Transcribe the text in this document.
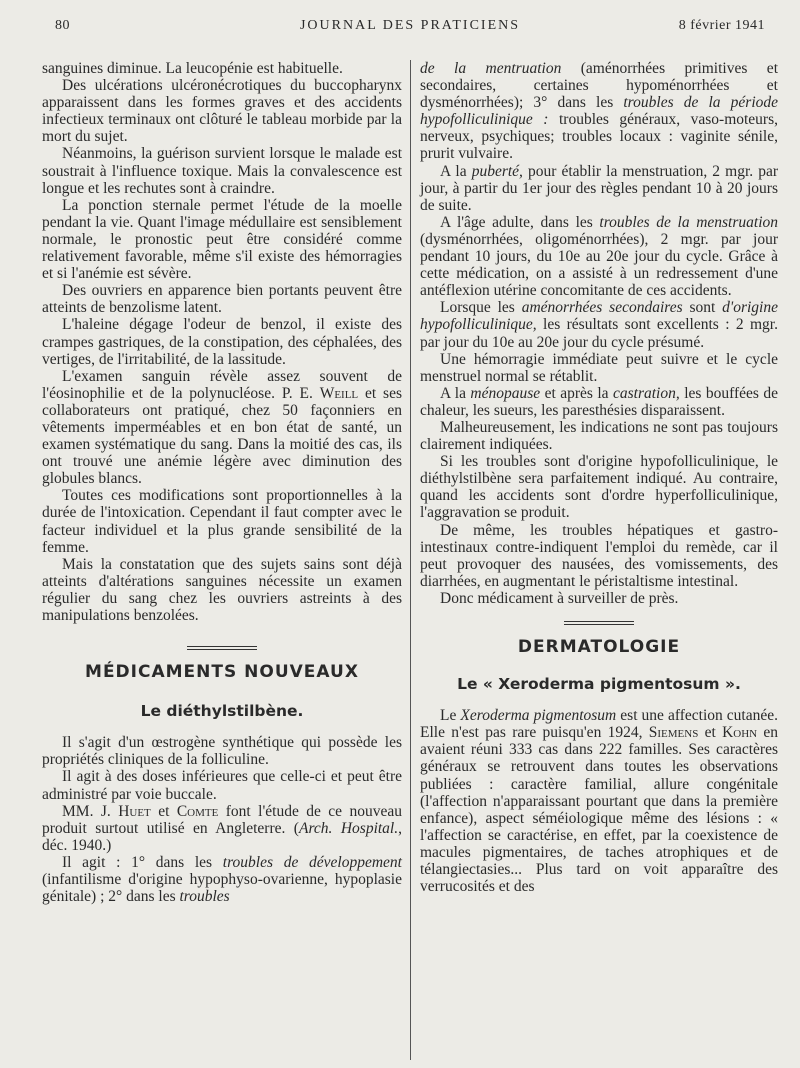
80	JOURNAL DES PRATICIENS	8 février 1941

sanguines diminue. La leucopénie est habituelle.

Des ulcérations ulcéronécrotiques du buccopharynx apparaissent dans les formes graves et des accidents infectieux terminaux ont clôturé le tableau morbide par la mort du sujet.

Néanmoins, la guérison survient lorsque le malade est soustrait à l'influence toxique. Mais la convalescence est longue et les rechutes sont à craindre.

La ponction sternale permet l'étude de la moelle pendant la vie. Quant l'image médullaire est sensiblement normale, le pronostic peut être considéré comme relativement favorable, même s'il existe des hémorragies et si l'anémie est sévère.

Des ouvriers en apparence bien portants peuvent être atteints de benzolisme latent.

L'haleine dégage l'odeur de benzol, il existe des crampes gastriques, de la constipation, des céphalées, des vertiges, de l'irritabilité, de la lassitude.

L'examen sanguin révèle assez souvent de l'éosinophilie et de la polynucléose. P. E. Weill et ses collaborateurs ont pratiqué, chez 50 façonniers en vêtements imperméables et en bon état de santé, un examen systématique du sang. Dans la moitié des cas, ils ont trouvé une anémie légère avec diminution des globules blancs.

Toutes ces modifications sont proportionnelles à la durée de l'intoxication. Cependant il faut compter avec le facteur individuel et la plus grande sensibilité de la femme.

Mais la constatation que des sujets sains sont déjà atteints d'altérations sanguines nécessite un examen régulier du sang chez les ouvriers astreints à des manipulations benzolées.

MÉDICAMENTS NOUVEAUX
Le diéthylstilbène.

Il s'agit d'un œstrogène synthétique qui possède les propriétés cliniques de la folliculine.

Il agit à des doses inférieures que celle-ci et peut être administré par voie buccale.

MM. J. Huet et Comte font l'étude de ce nouveau produit surtout utilisé en Angleterre. (Arch. Hospital., déc. 1940.)

Il agit : 1° dans les troubles de développement (infantilisme d'origine hypophyso-ovarienne, hypoplasie génitale) ; 2° dans les troubles

de la mentruation (aménorrhées primitives et secondaires, certaines hypoménorrhées et dysménorrhées); 3° dans les troubles de la période hypofolliculinique : troubles généraux, vaso-moteurs, nerveux, psychiques; troubles locaux : vaginite sénile, prurit vulvaire.

A la puberté, pour établir la menstruation, 2 mgr. par jour, à partir du 1er jour des règles pendant 10 à 20 jours de suite.

A l'âge adulte, dans les troubles de la menstruation (dysménorrhées, oligoménorrhées), 2 mgr. par jour pendant 10 jours, du 10e au 20e jour du cycle. Grâce à cette médication, on a assisté à un redressement d'une antéflexion utérine concomitante de ces accidents.

Lorsque les aménorrhées secondaires sont d'origine hypofolliculinique, les résultats sont excellents : 2 mgr. par jour du 10e au 20e jour du cycle présumé.

Une hémorragie immédiate peut suivre et le cycle menstruel normal se rétablit.

A la ménopause et après la castration, les bouffées de chaleur, les sueurs, les paresthésies disparaissent.

Malheureusement, les indications ne sont pas toujours clairement indiquées.

Si les troubles sont d'origine hypofolliculinique, le diéthylstilbène sera parfaitement indiqué. Au contraire, quand les accidents sont d'ordre hyperfolliculinique, l'aggravation se produit.

De même, les troubles hépatiques et gastro-intestinaux contre-indiquent l'emploi du remède, car il peut provoquer des nausées, des vomissements, des diarrhées, en augmentant le péristaltisme intestinal.

Donc médicament à surveiller de près.

DERMATOLOGIE
Le « Xeroderma pigmentosum ».

Le Xeroderma pigmentosum est une affection cutanée. Elle n'est pas rare puisqu'en 1924, Siemens et Kohn en avaient réuni 333 cas dans 222 familles. Ses caractères généraux se retrouvent dans toutes les observations publiées : caractère familial, allure congénitale (l'affection n'apparaissant pourtant que dans la première enfance), aspect séméiologique même des lésions : « l'affection se caractérise, en effet, par la coexistence de macules pigmentaires, de taches atrophiques et de télangiectasies... Plus tard on voit apparaître des verrucosités et des
